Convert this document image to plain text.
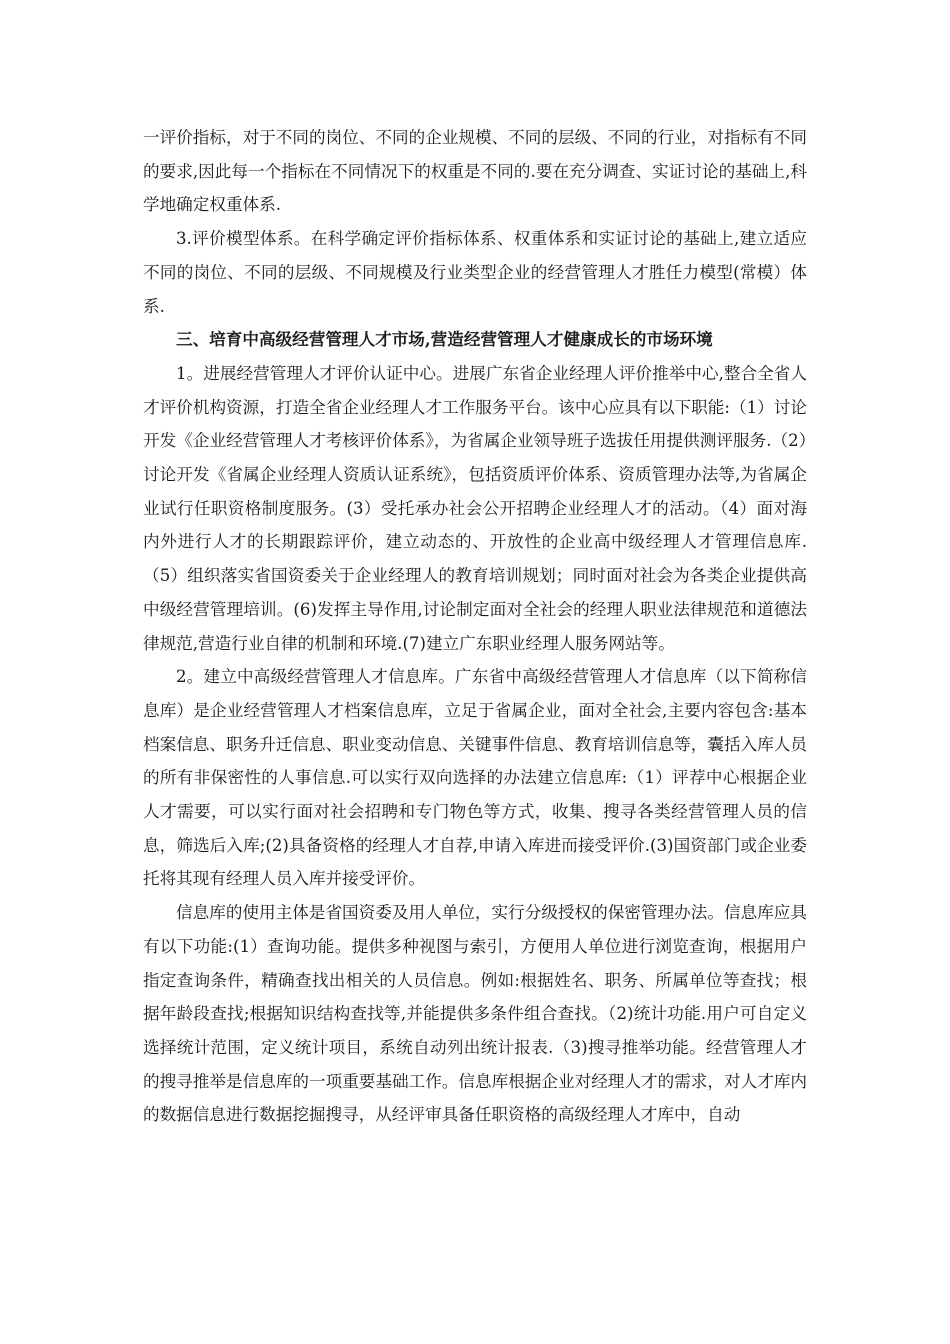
一评价指标，对于不同的岗位、不同的企业规模、不同的层级、不同的行业，对指标有不同的要求,因此每一个指标在不同情况下的权重是不同的.要在充分调查、实证讨论的基础上,科学地确定权重体系.

3.评价模型体系。在科学确定评价指标体系、权重体系和实证讨论的基础上,建立适应不同的岗位、不同的层级、不同规模及行业类型企业的经营管理人才胜任力模型(常模）体系.

三、培育中高级经营管理人才市场,营造经营管理人才健康成长的市场环境

1。进展经营管理人才评价认证中心。进展广东省企业经理人评价推举中心,整合全省人才评价机构资源，打造全省企业经理人才工作服务平台。该中心应具有以下职能:（1）讨论开发《企业经营管理人才考核评价体系》，为省属企业领导班子选拔任用提供测评服务.（2）讨论开发《省属企业经理人资质认证系统》，包括资质评价体系、资质管理办法等,为省属企业试行任职资格制度服务。(3）受托承办社会公开招聘企业经理人才的活动。（4）面对海内外进行人才的长期跟踪评价，建立动态的、开放性的企业高中级经理人才管理信息库.（5）组织落实省国资委关于企业经理人的教育培训规划；同时面对社会为各类企业提供高中级经营管理培训。(6)发挥主导作用,讨论制定面对全社会的经理人职业法律规范和道德法律规范,营造行业自律的机制和环境.(7)建立广东职业经理人服务网站等。

2。建立中高级经营管理人才信息库。广东省中高级经营管理人才信息库（以下简称信息库）是企业经营管理人才档案信息库，立足于省属企业，面对全社会,主要内容包含:基本档案信息、职务升迁信息、职业变动信息、关键事件信息、教育培训信息等，囊括入库人员的所有非保密性的人事信息.可以实行双向选择的办法建立信息库:（1）评荐中心根据企业人才需要，可以实行面对社会招聘和专门物色等方式，收集、搜寻各类经营管理人员的信息，筛选后入库;(2)具备资格的经理人才自荐,申请入库进而接受评价.(3)国资部门或企业委托将其现有经理人员入库并接受评价。

信息库的使用主体是省国资委及用人单位，实行分级授权的保密管理办法。信息库应具有以下功能:(1）查询功能。提供多种视图与索引，方便用人单位进行浏览查询，根据用户指定查询条件，精确查找出相关的人员信息。例如:根据姓名、职务、所属单位等查找；根据年龄段查找;根据知识结构查找等,并能提供多条件组合查找。（2)统计功能.用户可自定义选择统计范围，定义统计项目，系统自动列出统计报表.（3)搜寻推举功能。经营管理人才的搜寻推举是信息库的一项重要基础工作。信息库根据企业对经理人才的需求，对人才库内的数据信息进行数据挖掘搜寻，从经评审具备任职资格的高级经理人才库中，自动
